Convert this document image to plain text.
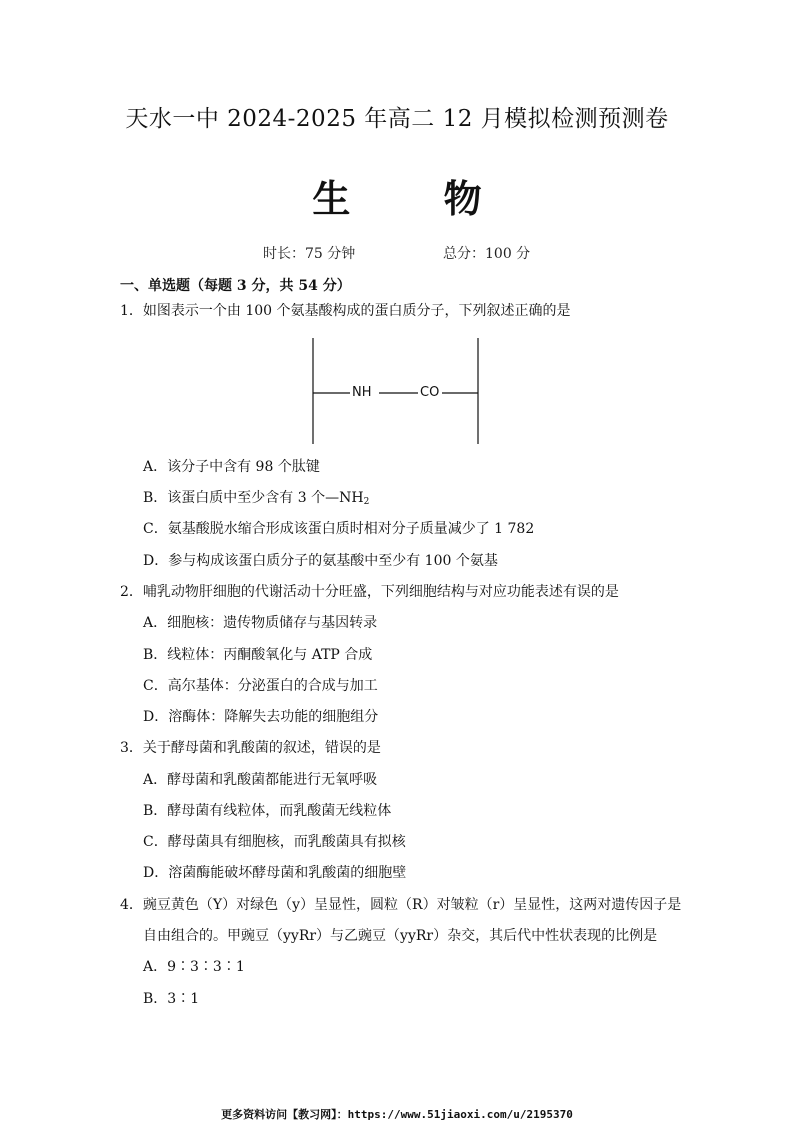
天水一中 2024-2025 年高二 12 月模拟检测预测卷
生 物
时长：75 分钟	总分：100 分
一、单选题（每题 3 分，共 54 分）
1．如图表示一个由 100 个氨基酸构成的蛋白质分子，下列叙述正确的是
NH	CO
A．该分子中含有 98 个肽键
B．该蛋白质中至少含有 3 个$—NH_2$
C．氨基酸脱水缩合形成该蛋白质时相对分子质量减少了 1 782
D．参与构成该蛋白质分子的氨基酸中至少有 100 个氨基
2．哺乳动物肝细胞的代谢活动十分旺盛，下列细胞结构与对应功能表述有误的是
A．细胞核：遗传物质储存与基因转录
B．线粒体：丙酮酸氧化与 ATP 合成
C．高尔基体：分泌蛋白的合成与加工
D．溶酶体：降解失去功能的细胞组分
3．关于酵母菌和乳酸菌的叙述，错误的是
A．酵母菌和乳酸菌都能进行无氧呼吸
B．酵母菌有线粒体，而乳酸菌无线粒体
C．酵母菌具有细胞核，而乳酸菌具有拟核
D．溶菌酶能破坏酵母菌和乳酸菌的细胞壁
4．豌豆黄色（Y）对绿色（y）呈显性，圆粒（R）对皱粒（r）呈显性，这两对遗传因子是
自由组合的。甲豌豆（yyRr）与乙豌豆（yyRr）杂交，其后代中性状表现的比例是
A．9∶3∶3∶1
B．3∶1
更多资料访问【教习网】：https://www.51jiaoxi.com/u/2195370
